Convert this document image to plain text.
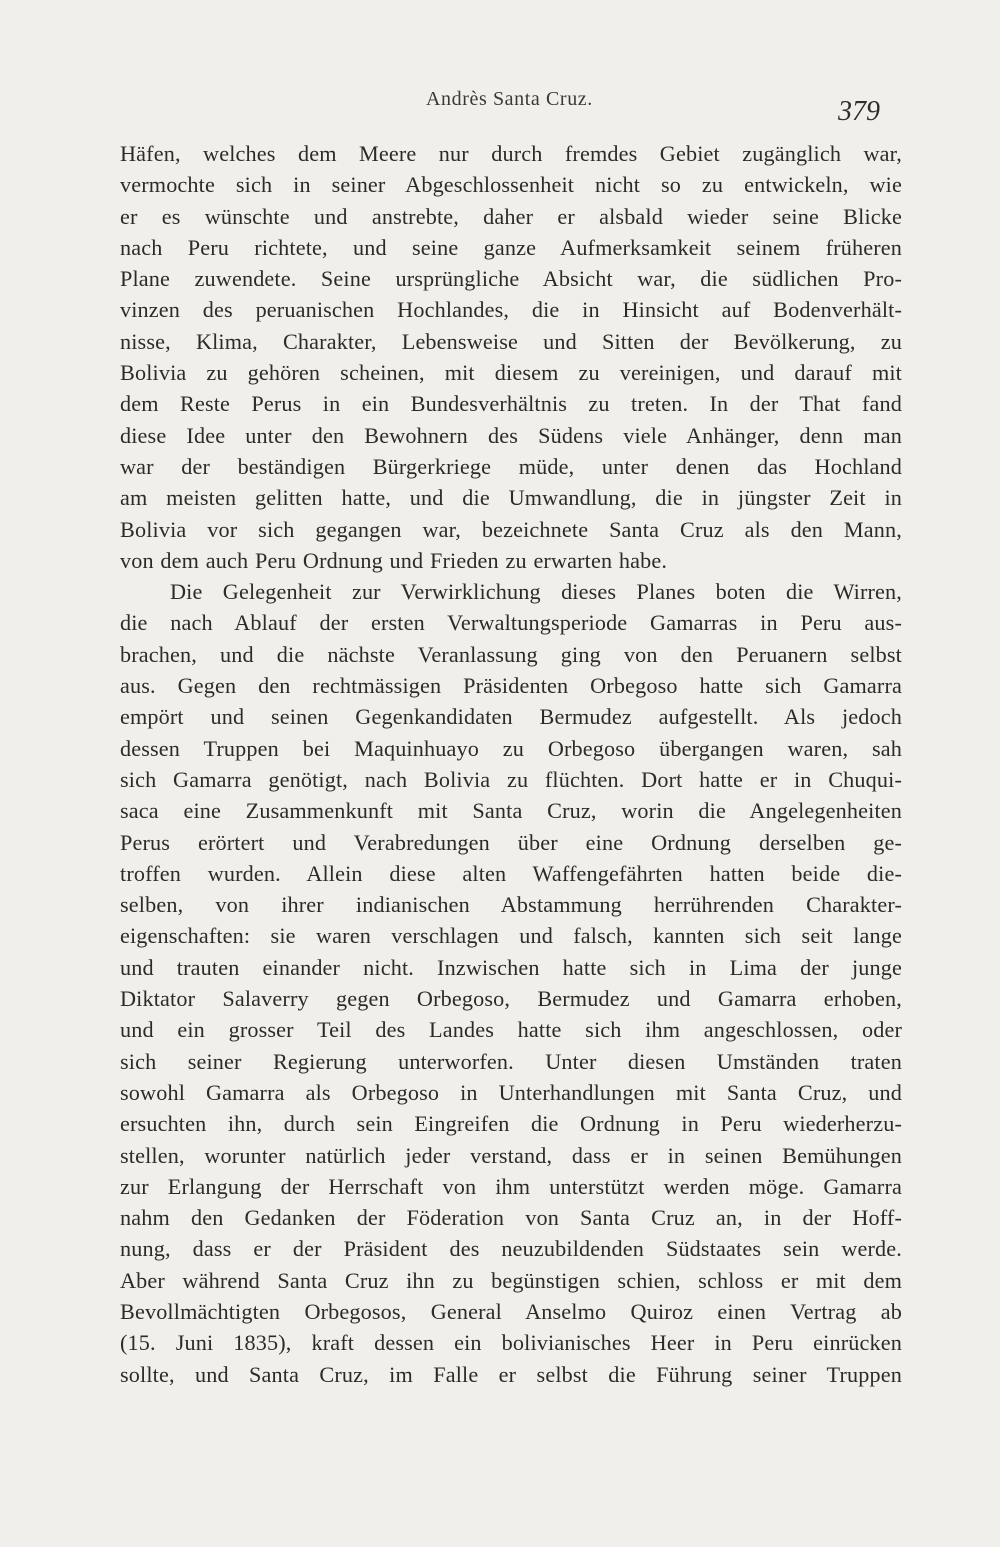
Andrès Santa Cruz.	379
Häfen, welches dem Meere nur durch fremdes Gebiet zugänglich war,
vermochte sich in seiner Abgeschlossenheit nicht so zu entwickeln, wie
er es wünschte und anstrebte, daher er alsbald wieder seine Blicke
nach Peru richtete, und seine ganze Aufmerksamkeit seinem früheren
Plane zuwendete. Seine ursprüngliche Absicht war, die südlichen Pro-
vinzen des peruanischen Hochlandes, die in Hinsicht auf Bodenverhält-
nisse, Klima, Charakter, Lebensweise und Sitten der Bevölkerung, zu
Bolivia zu gehören scheinen, mit diesem zu vereinigen, und darauf mit
dem Reste Perus in ein Bundesverhältnis zu treten. In der That fand
diese Idee unter den Bewohnern des Südens viele Anhänger, denn man
war der beständigen Bürgerkriege müde, unter denen das Hochland
am meisten gelitten hatte, und die Umwandlung, die in jüngster Zeit in
Bolivia vor sich gegangen war, bezeichnete Santa Cruz als den Mann,
von dem auch Peru Ordnung und Frieden zu erwarten habe.
Die Gelegenheit zur Verwirklichung dieses Planes boten die Wirren,
die nach Ablauf der ersten Verwaltungsperiode Gamarras in Peru aus-
brachen, und die nächste Veranlassung ging von den Peruanern selbst
aus. Gegen den rechtmässigen Präsidenten Orbegoso hatte sich Gamarra
empört und seinen Gegenkandidaten Bermudez aufgestellt. Als jedoch
dessen Truppen bei Maquinhuayo zu Orbegoso übergangen waren, sah
sich Gamarra genötigt, nach Bolivia zu flüchten. Dort hatte er in Chuqui-
saca eine Zusammenkunft mit Santa Cruz, worin die Angelegenheiten
Perus erörtert und Verabredungen über eine Ordnung derselben ge-
troffen wurden. Allein diese alten Waffengefährten hatten beide die-
selben, von ihrer indianischen Abstammung herrührenden Charakter-
eigenschaften: sie waren verschlagen und falsch, kannten sich seit lange
und trauten einander nicht. Inzwischen hatte sich in Lima der junge
Diktator Salaverry gegen Orbegoso, Bermudez und Gamarra erhoben,
und ein grosser Teil des Landes hatte sich ihm angeschlossen, oder
sich seiner Regierung unterworfen. Unter diesen Umständen traten
sowohl Gamarra als Orbegoso in Unterhandlungen mit Santa Cruz, und
ersuchten ihn, durch sein Eingreifen die Ordnung in Peru wiederherzu-
stellen, worunter natürlich jeder verstand, dass er in seinen Bemühungen
zur Erlangung der Herrschaft von ihm unterstützt werden möge. Gamarra
nahm den Gedanken der Föderation von Santa Cruz an, in der Hoff-
nung, dass er der Präsident des neuzubildenden Südstaates sein werde.
Aber während Santa Cruz ihn zu begünstigen schien, schloss er mit dem
Bevollmächtigten Orbegosos, General Anselmo Quiroz einen Vertrag ab
(15. Juni 1835), kraft dessen ein bolivianisches Heer in Peru einrücken
sollte, und Santa Cruz, im Falle er selbst die Führung seiner Truppen
